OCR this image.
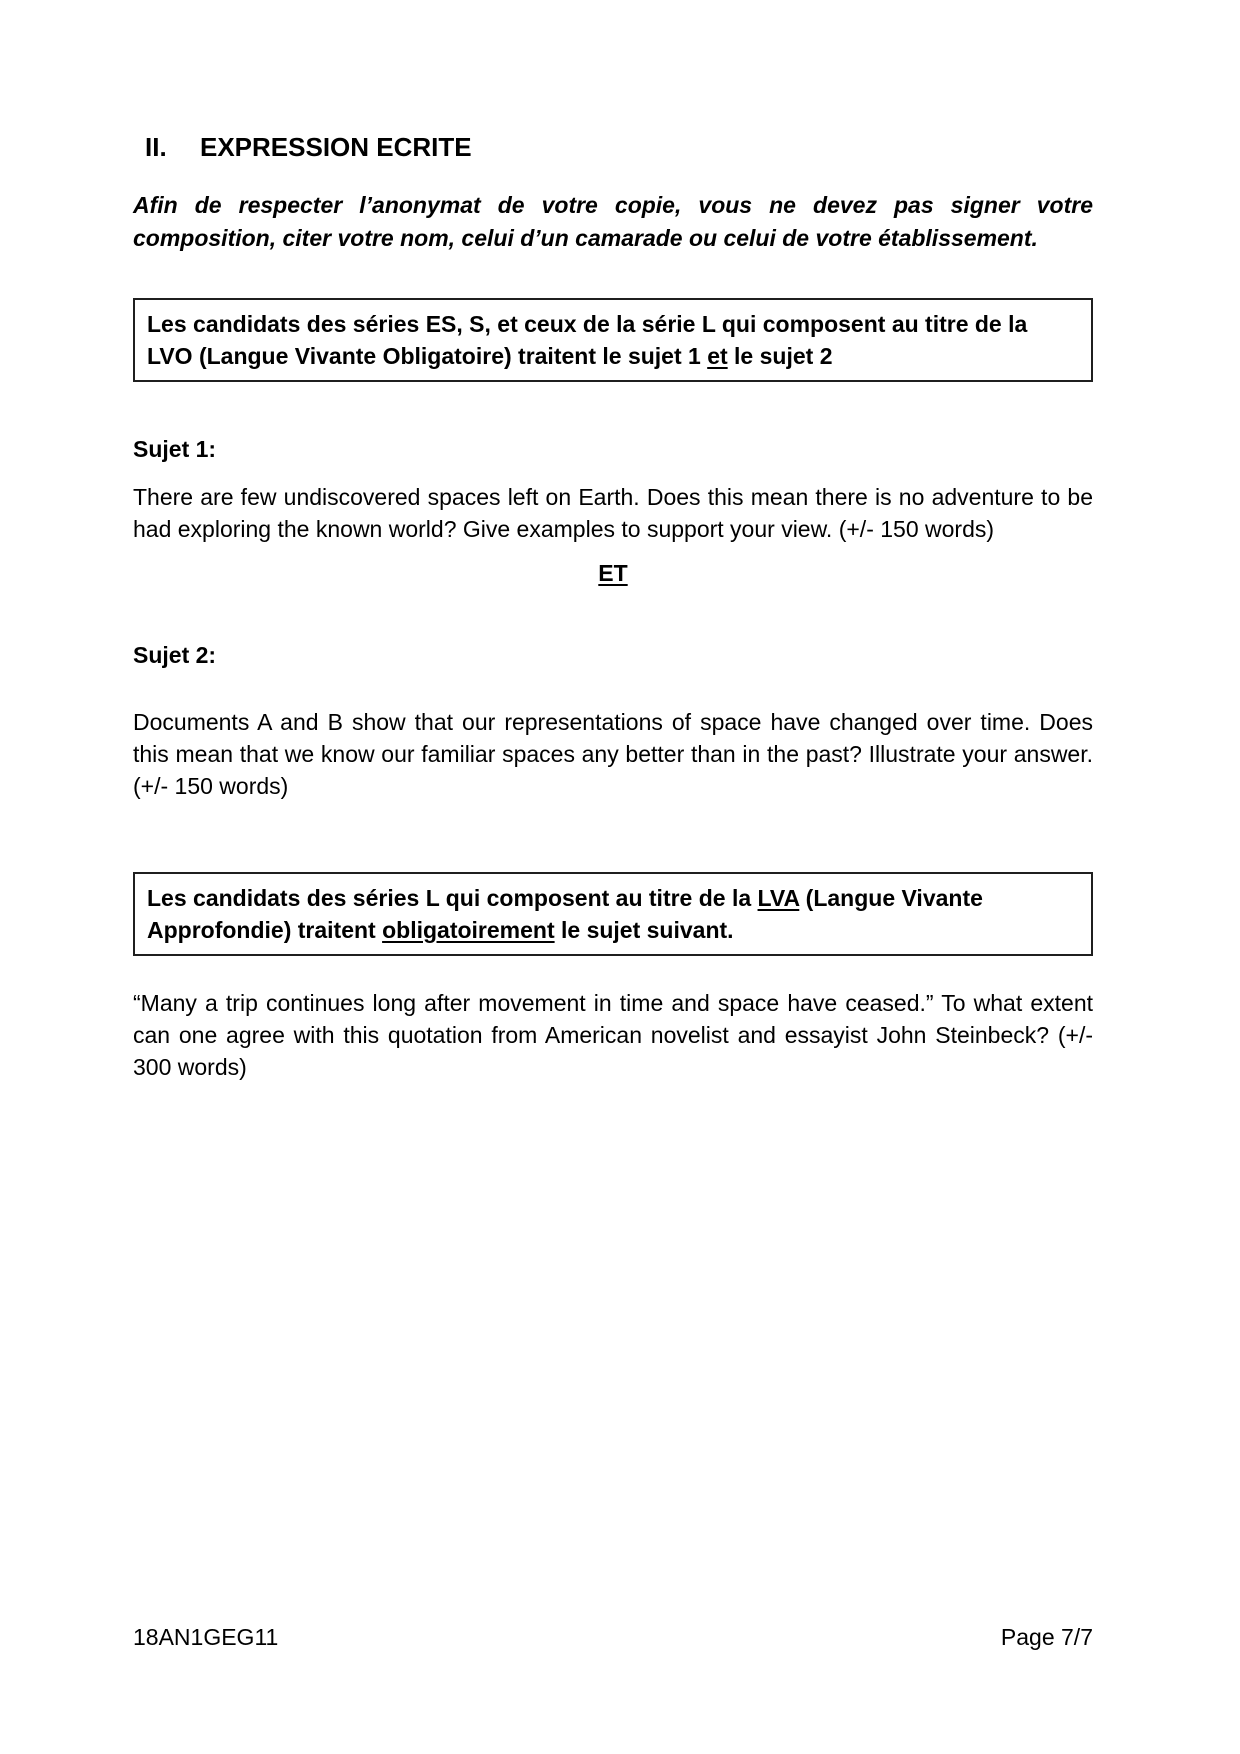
II.	EXPRESSION ECRITE

Afin de respecter l’anonymat de votre copie, vous ne devez pas signer votre composition, citer votre nom, celui d’un camarade ou celui de votre établissement.

Les candidats des séries ES, S, et ceux de la série L qui composent au titre de la LVO (Langue Vivante Obligatoire) traitent le sujet 1 et le sujet 2

Sujet 1:

There are few undiscovered spaces left on Earth. Does this mean there is no adventure to be had exploring the known world? Give examples to support your view. (+/- 150 words)

ET

Sujet 2:

Documents A and B show that our representations of space have changed over time. Does this mean that we know our familiar spaces any better than in the past? Illustrate your answer. (+/- 150 words)

Les candidats des séries L qui composent au titre de la LVA (Langue Vivante Approfondie) traitent obligatoirement le sujet suivant.

“Many a trip continues long after movement in time and space have ceased.” To what extent can one agree with this quotation from American novelist and essayist John Steinbeck? (+/- 300 words)

18AN1GEG11	Page 7/7
